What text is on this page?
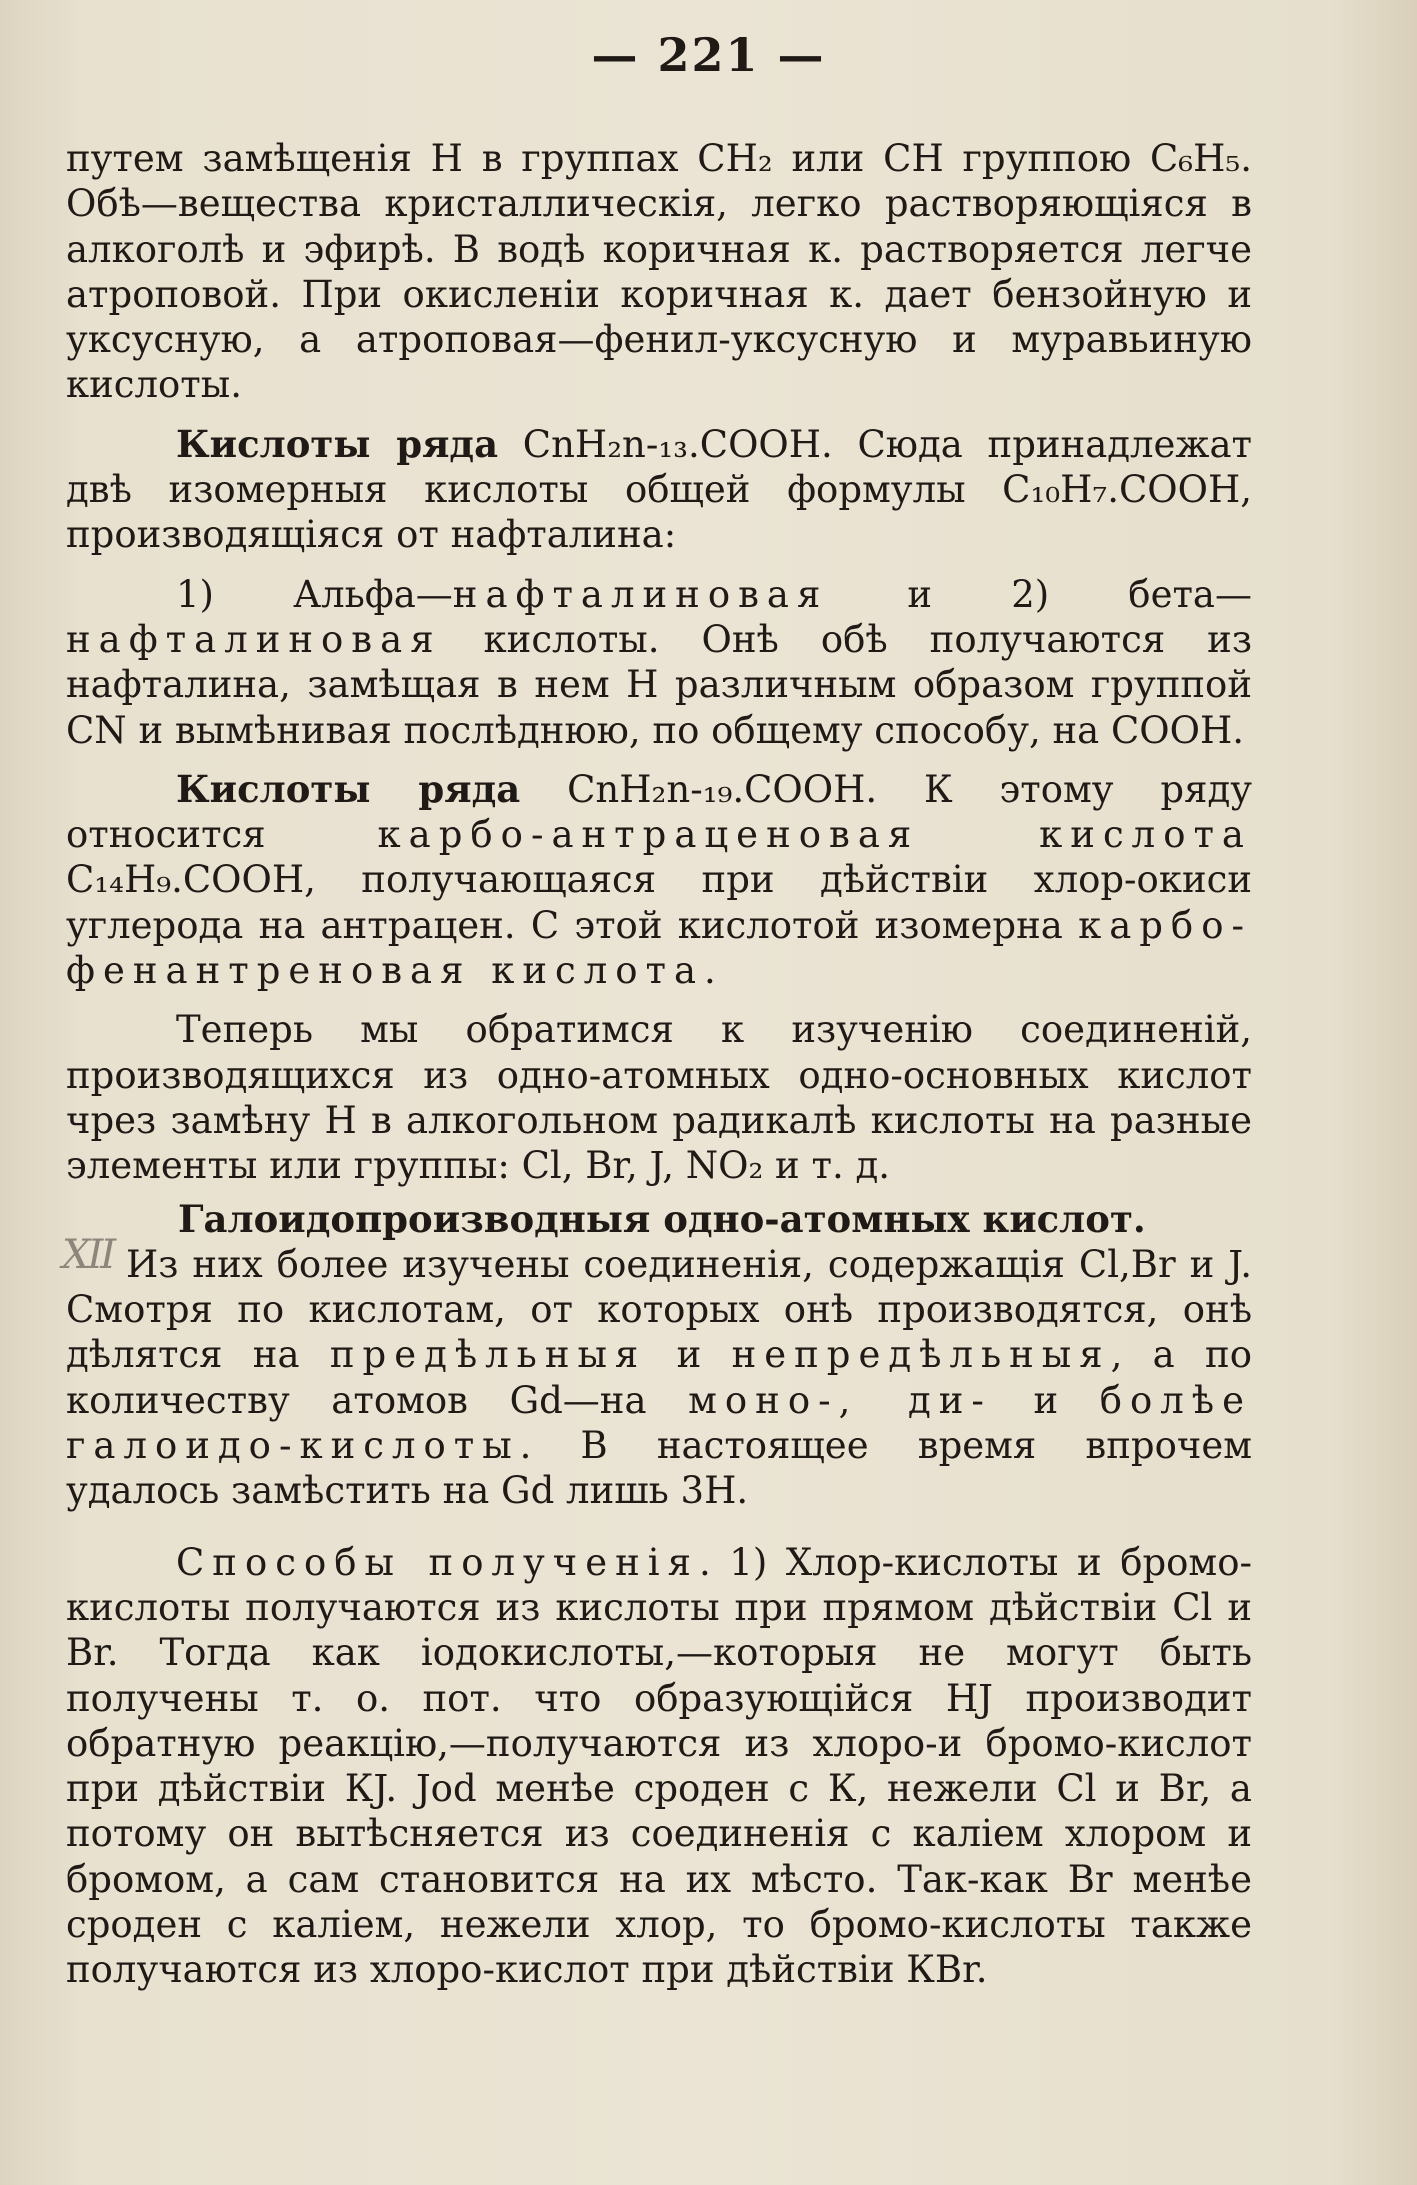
— 221 —
XII

путем замѣщенія Н в группах СН₂ или СН группою С₆Н₅. Обѣ—вещества кристаллическія, легко растворяющіяся в алкоголѣ и эфирѣ. В водѣ коричная к. растворяется легче атроповой. При окисленіи коричная к. дает бензойную и уксусную, а атроповая—фенил-уксусную и муравьиную кислоты.

Кислоты ряда СnН₂n-₁₃.СООН. Сюда принадлежат двѣ изомерныя кислоты общей формулы С₁₀Н₇.СООН, производящіяся от нафталина:

1) Альфа—нафталиновая и 2) бета—нафталиновая кислоты. Онѣ обѣ получаются из нафталина, замѣщая в нем Н различным образом группой СN и вымѣнивая послѣднюю, по общему способу, на СООН.

Кислоты ряда СnН₂n-₁₉.СООН. К этому ряду относится карбо-антраценовая кислота С₁₄Н₉.СООН, получающаяся при дѣйствіи хлор-окиси углерода на антрацен. С этой кислотой изомерна карбо-фенантреновая кислота.

Теперь мы обратимся к изученію соединеній, производящихся из одно-атомных одно-основных кислот чрез замѣну Н в алкогольном радикалѣ кислоты на разные элементы или группы: Сl, Вr, J, NО₂ и т. д.

Галоидопроизводныя одно-атомных кислот.

Из них более изучены соединенія, содержащія Сl,Вr и J. Смотря по кислотам, от которых онѣ производятся, онѣ дѣлятся на предѣльныя и непредѣльныя, а по количеству атомов Gd—на моно-, ди- и болѣе галоидо-кислоты. В настоящее время впрочем удалось замѣстить на Gd лишь 3Н.

Способы полученія. 1) Хлор-кислоты и бромо-кислоты получаются из кислоты при прямом дѣйствіи Сl и Вr. Тогда как іодокислоты,—которыя не могут быть получены т. о. пот. что образующійся НJ производит обратную реакцію,—получаются из хлоро-и бромо-кислот при дѣйствіи КJ. Jоd менѣе сроден с К, нежели Сl и Вr, а потому он вытѣсняется из соединенія с каліем хлором и бромом, а сам становится на их мѣсто. Так-как Вr менѣе сроден с каліем, нежели хлор, то бромо-кислоты также получаются из хлоро-кислот при дѣйствіи КВr.
